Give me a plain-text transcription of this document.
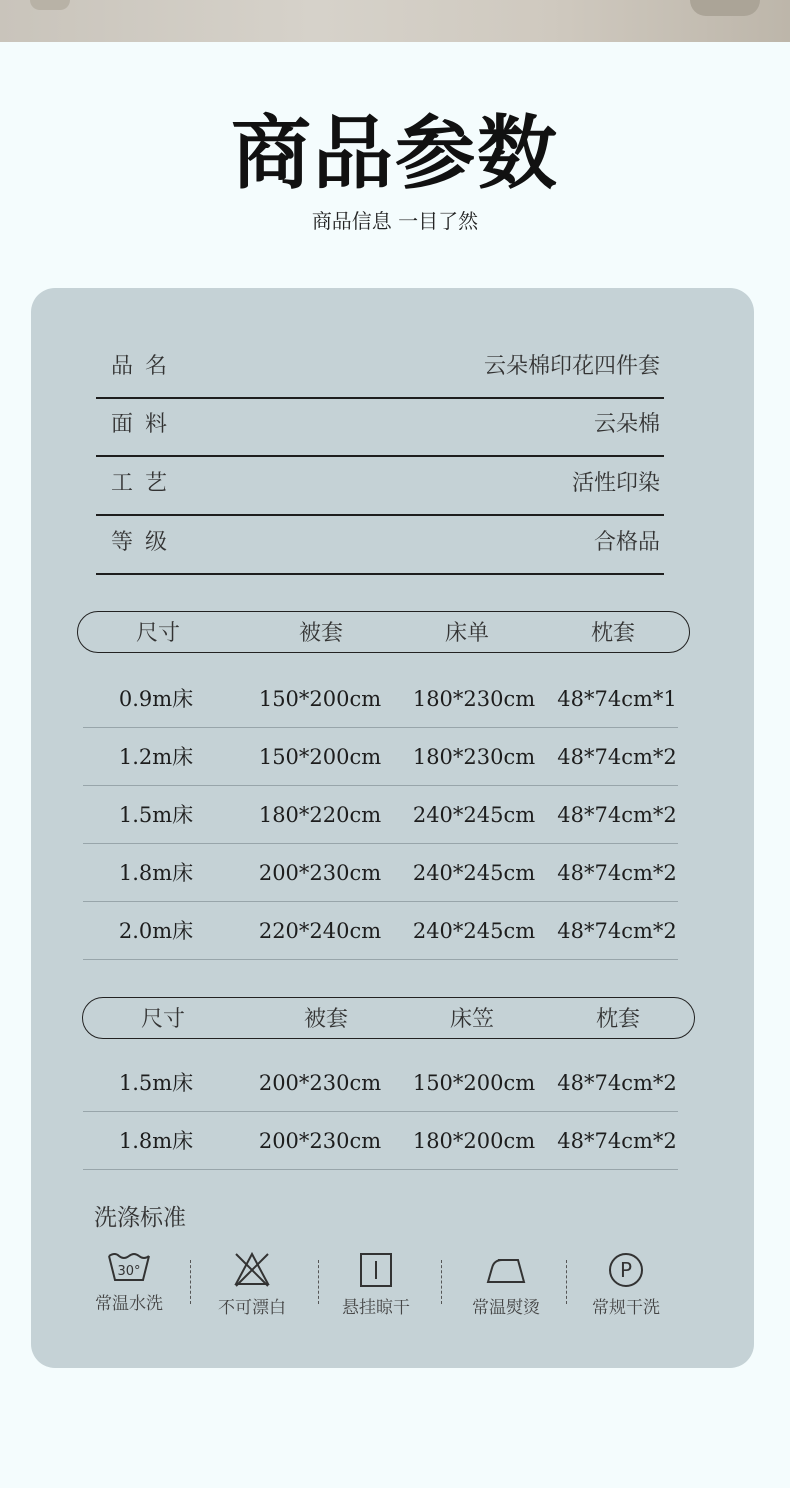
商品参数
商品信息 一目了然
品名	云朵棉印花四件套
面料	云朵棉
工艺	活性印染
等级	合格品
尺寸	被套	床单	枕套
0.9m床	150*200cm 180*230cm 48*74cm*1
1.2m床	150*200cm 180*230cm 48*74cm*2
1.5m床	180*220cm 240*245cm 48*74cm*2
1.8m床	200*230cm 240*245cm 48*74cm*2
2.0m床	220*240cm 240*245cm 48*74cm*2
尺寸	被套	床笠	枕套
1.5m床	200*230cm 150*200cm 48*74cm*2
1.8m床	200*230cm 180*200cm 48*74cm*2
洗涤标准
30°
常温水洗	不可漂白	悬挂晾干	常温熨烫
P
常规干洗
